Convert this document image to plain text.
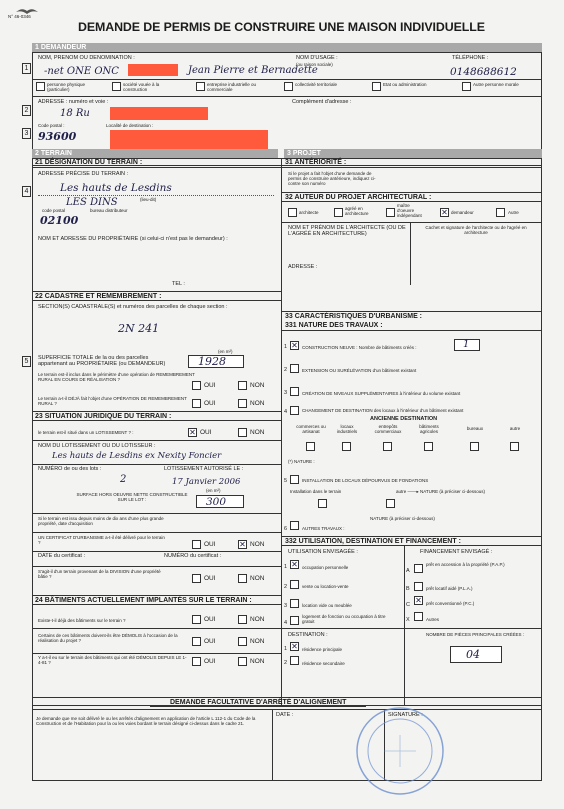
N° 46-0346
DEMANDE DE PERMIS DE CONSTRUIRE UNE MAISON INDIVIDUELLE
1 DEMANDEUR
1
NOM, PRENOM OU DENOMINATION :
-net ONE ONC	Jean Pierre et Bernadette
NOM D'USAGE :
(ou raison sociale)
TÉLÉPHONE :
0148688612
personne physique (particulier)
société vouée à la construction
entreprise industrielle ou commerciale
collectivité territoriale	Etat ou administration	Autre personne morale
2
ADRESSE : numéro et voie :
18 Ru
Complément d'adresse :
Code postal :
3 93600
Localité de destination :
2 TERRAIN	3 PROJET
21 DÉSIGNATION DU TERRAIN :
ADRESSE PRÉCISE DU TERRAIN :
4	Les hauts de Lesdins
(lieu-dit)
LES DINS
code postal	bureau distributeur
02100
NOM ET ADRESSE DU PROPRIÉTAIRE (si celui-ci n'est pas le demandeur) :
TEL :
22 CADASTRE ET REMEMBREMENT :
SECTION(S) CADASTRALE(S) et numéros des parcelles de chaque section :
2N 241
5	SUPERFICIE TOTALE de la ou des parcelles appartenant au PROPRIÉTAIRE (ou DEMANDEUR)
(en m²)
1928
Le terrain est-il inclus dans le périmètre d'une opération de REMEMBREMENT RURAL EN COURS DE RÉALISATION ?
OUI	NON
Le terrain a-t-il DÉJÀ fait l'objet d'une OPÉRATION DE REMEMBREMENT RURAL ?	OUI	NON
23 SITUATION JURIDIQUE DU TERRAIN :
le terrain est-il situé dans un LOTISSEMENT ? :	✕ OUI	NON
NOM DU LOTISSEMENT OU DU LOTISSEUR :
Les hauts de Lesdins ex Nexity Foncier
NUMÉRO de ou des lots :
2
LOTISSEMENT AUTORISÉ LE :
17 Janvier 2006
SURFACE HORS OEUVRE NETTE CONSTRUCTIBLE SUR LE LOT :
(en m²)
300
Si le terrain est issu depuis moins de dix ans d'une plus grande propriété, date d'acquisition
UN CERTIFICAT D'URBANISME a-t-il été délivré pour le terrain ?	OUI	✕ NON
DATE du certificat :	NUMÉRO du certificat :
S'agit-il d'un terrain provenant de la DIVISION d'une propriété bâtie ?	OUI	NON
24 BÂTIMENTS ACTUELLEMENT IMPLANTÉS SUR LE TERRAIN :
Existe-t-il déjà des bâtiments sur le terrain ?	OUI	NON
Certains de ces bâtiments doivent-ils être DÉMOLIS à l'occasion de la réalisation du projet ?	OUI	NON
Y a-t-il eu sur le terrain des bâtiments qui ont été DÉMOLIS DEPUIS LE 1-4-81 ?	OUI	NON
31 ANTÉRIORITÉ :
Si le projet a fait l'objet d'une demande de permis de construire antérieure, indiquez ci-contre son numéro
32 AUTEUR DU PROJET ARCHITECTURAL :
architecte
agréé en architecture
maître d'oeuvre indépendant	✕ demandeur	Autre
NOM ET PRÉNOM DE L'ARCHITECTE (OU DE L'AGRÉÉ EN ARCHITECTURE)
Cachet et signature de l'architecte ou de l'agréé en architecture
ADRESSE :
33 CARACTÉRISTIQUES D'URBANISME :
331 NATURE DES TRAVAUX :
1 ✕ CONSTRUCTION NEUVE : Nombre de bâtiments créés :	1
2	EXTENSION OU SURÉLÉVATION d'un bâtiment existant
3	CRÉATION DE NIVEAUX SUPPLÉMENTAIRES à l'intérieur du volume existant
4	CHANGEMENT DE DESTINATION des locaux à l'intérieur d'un bâtiment existant
ANCIENNE DESTINATION
commerces ou artisanat
locaux industriels
entrepôts commerciaux
bâtiments agricoles
bureaux	autre
(*) NATURE :
5	INSTALLATION DE LOCAUX DÉPOURVUS DE FONDATIONS
Installation dans le terrain	autre ——▸ NATURE (à préciser ci-dessous)
NATURE (à préciser ci-dessous)
6	AUTRES TRAVAUX :
332 UTILISATION, DESTINATION ET FINANCEMENT :
UTILISATION ENVISAGÉE :
1 ✕ occupation personnelle
2	vente ou location-vente
3	location vide ou meublée
4
logement de fonction ou occupation à titre gratuit
FINANCEMENT ENVISAGÉ :
A
prêt en accession à la propriété (P.A.P.)
B	prêt locatif aidé (P.L.A.)
C ✕ prêt conventionné (P.C.)
X	Autres
DESTINATION :
1 ✕ résidence principale
2	résidence secondaire
NOMBRE DE PIÈCES PRINCIPALES CRÉÉES :
04
DEMANDE FACULTATIVE D'ARRÊTÉ D'ALIGNEMENT
Je demande que me soit délivré le ou les arrêtés d'alignement en application de l'article L 112-1 du Code de la Construction et de l'Habitation pour la ou les voies bordant le terrain désigné ci-dessus dans le cadre 21.
DATE :	SIGNATURE :
